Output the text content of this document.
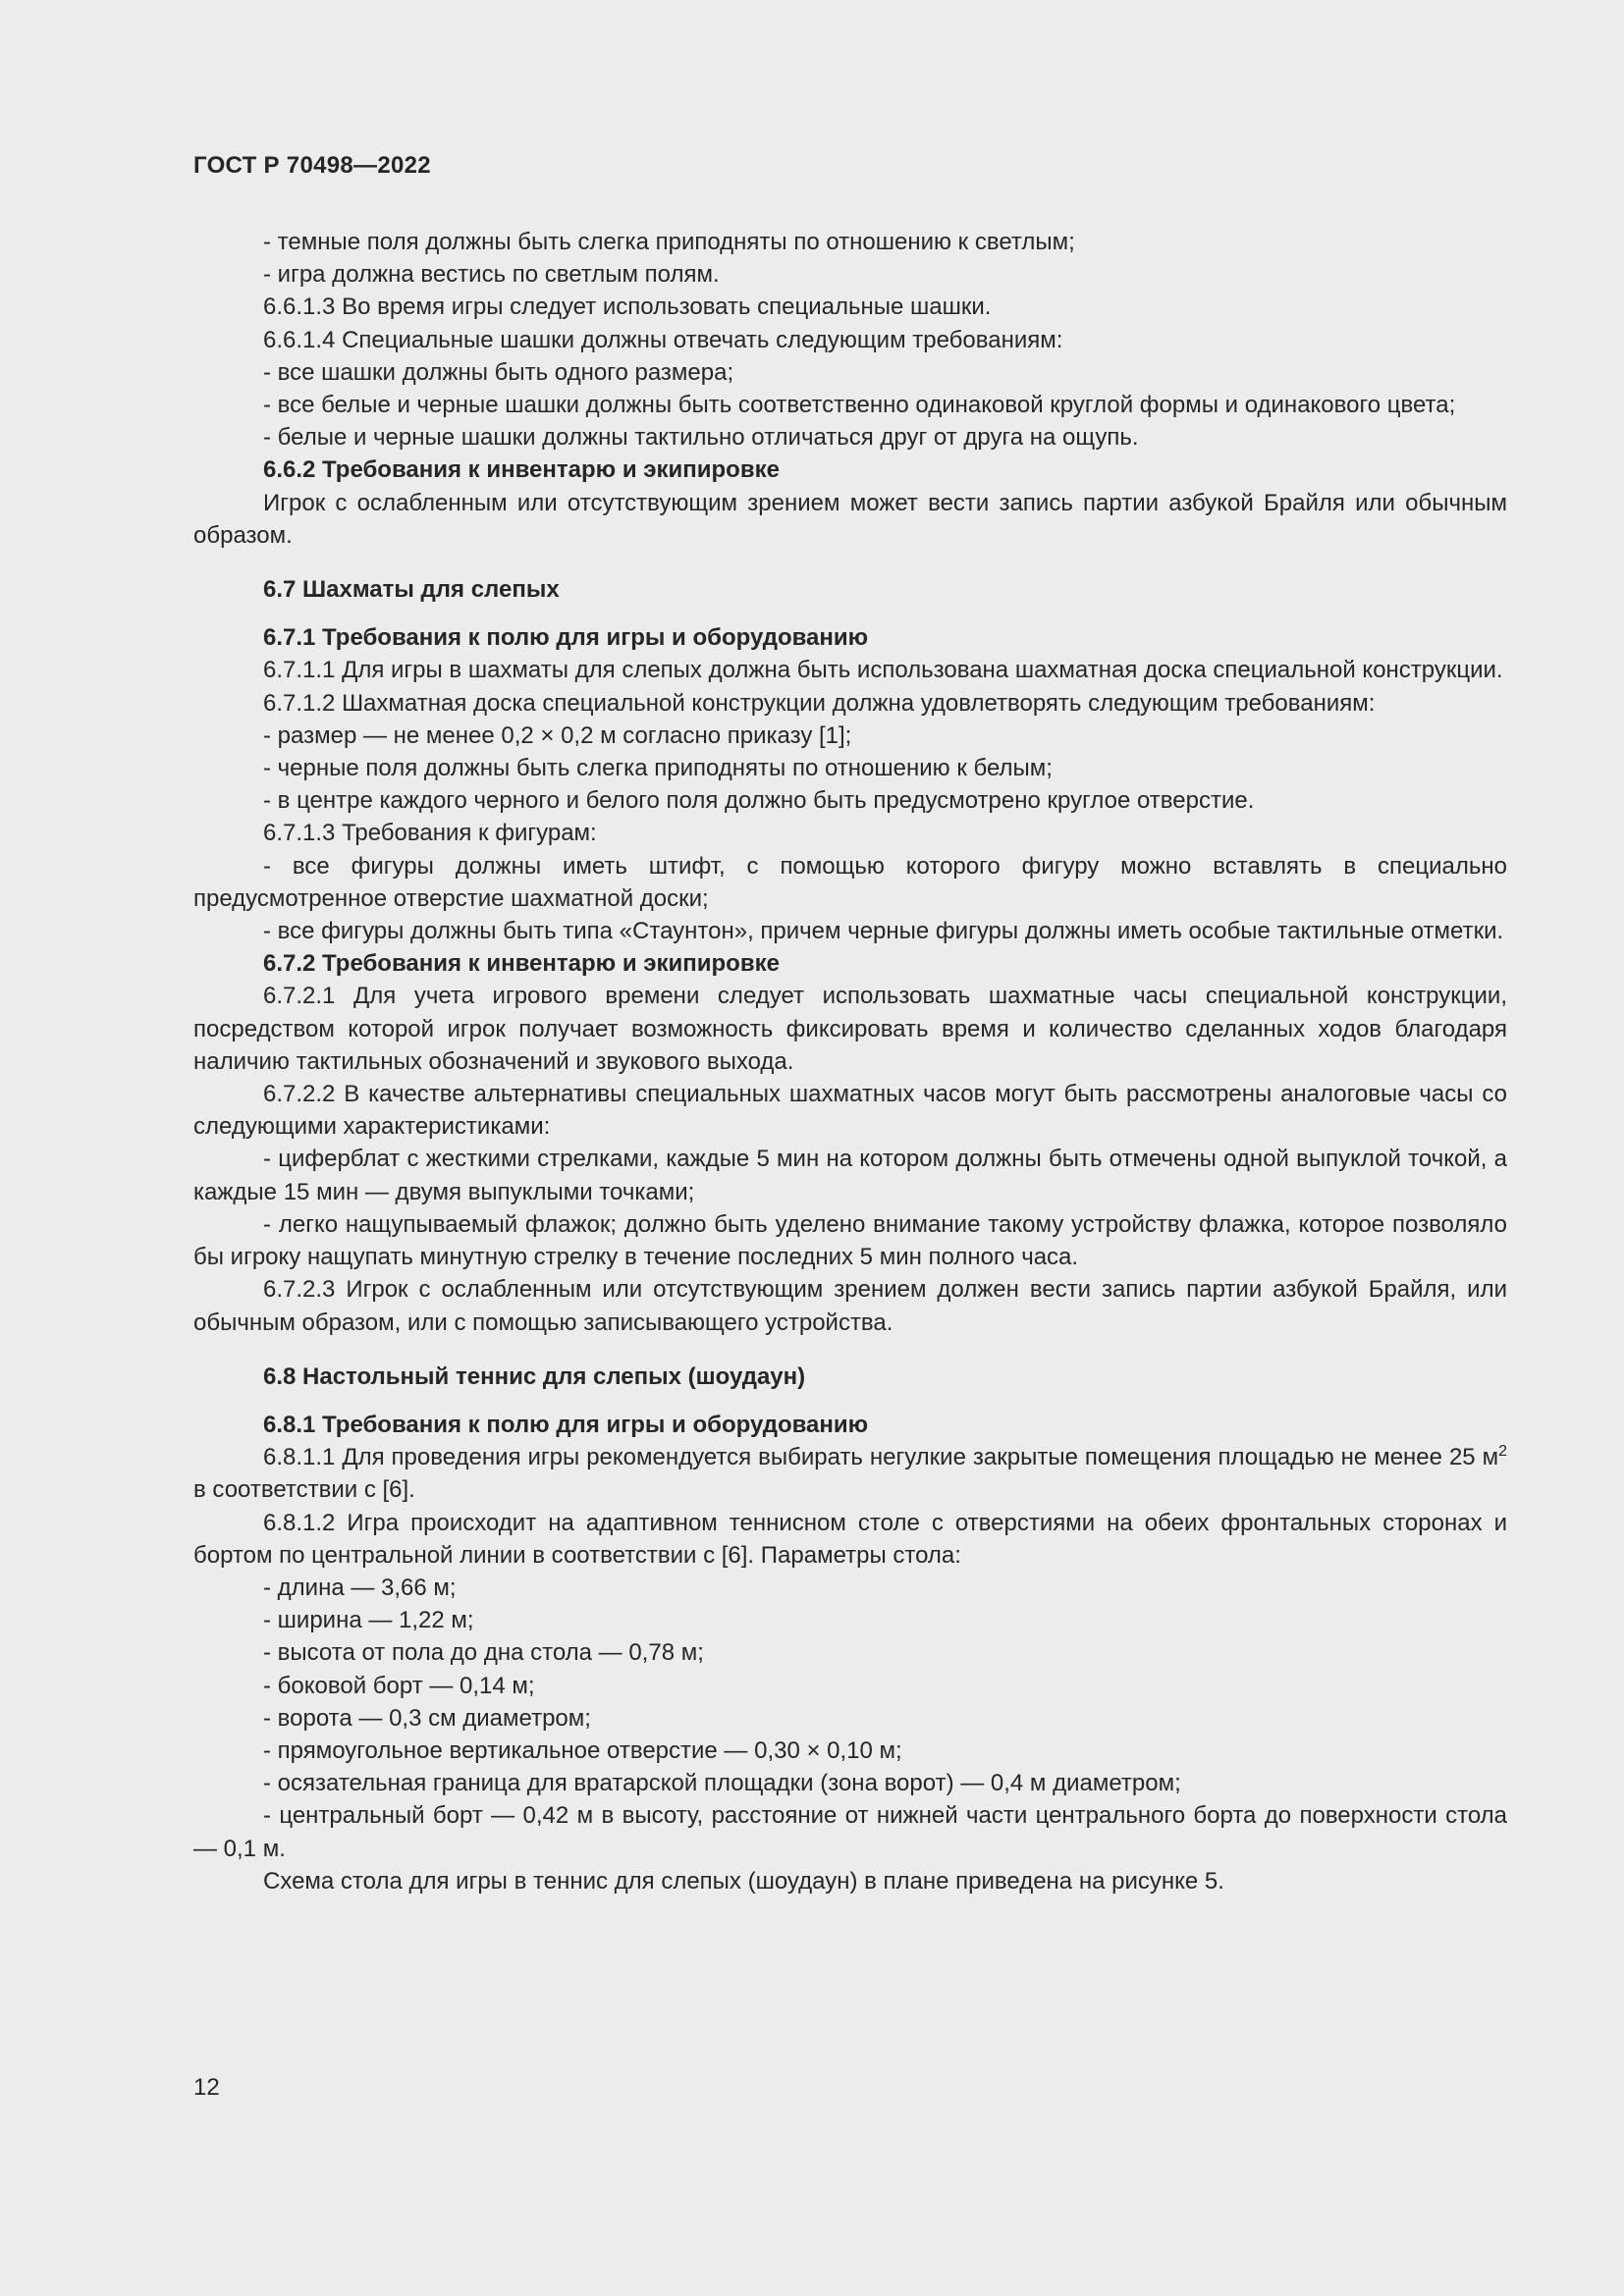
ГОСТ Р 70498—2022

- темные поля должны быть слегка приподняты по отношению к светлым;

- игра должна вестись по светлым полям.

6.6.1.3 Во время игры следует использовать специальные шашки.

6.6.1.4 Специальные шашки должны отвечать следующим требованиям:

- все шашки должны быть одного размера;

- все белые и черные шашки должны быть соответственно одинаковой круглой формы и одинакового цвета;

- белые и черные шашки должны тактильно отличаться друг от друга на ощупь.

6.6.2 Требования к инвентарю и экипировке

Игрок с ослабленным или отсутствующим зрением может вести запись партии азбукой Брайля или обычным образом.

6.7 Шахматы для слепых

6.7.1 Требования к полю для игры и оборудованию

6.7.1.1 Для игры в шахматы для слепых должна быть использована шахматная доска специальной конструкции.

6.7.1.2 Шахматная доска специальной конструкции должна удовлетворять следующим требованиям:

- размер — не менее 0,2 × 0,2 м согласно приказу [1];

- черные поля должны быть слегка приподняты по отношению к белым;

- в центре каждого черного и белого поля должно быть предусмотрено круглое отверстие.

6.7.1.3 Требования к фигурам:

- все фигуры должны иметь штифт, с помощью которого фигуру можно вставлять в специально предусмотренное отверстие шахматной доски;

- все фигуры должны быть типа «Стаунтон», причем черные фигуры должны иметь особые тактильные отметки.

6.7.2 Требования к инвентарю и экипировке

6.7.2.1 Для учета игрового времени следует использовать шахматные часы специальной конструкции, посредством которой игрок получает возможность фиксировать время и количество сделанных ходов благодаря наличию тактильных обозначений и звукового выхода.

6.7.2.2 В качестве альтернативы специальных шахматных часов могут быть рассмотрены аналоговые часы со следующими характеристиками:

- циферблат с жесткими стрелками, каждые 5 мин на котором должны быть отмечены одной выпуклой точкой, а каждые 15 мин — двумя выпуклыми точками;

- легко нащупываемый флажок; должно быть уделено внимание такому устройству флажка, которое позволяло бы игроку нащупать минутную стрелку в течение последних 5 мин полного часа.

6.7.2.3 Игрок с ослабленным или отсутствующим зрением должен вести запись партии азбукой Брайля, или обычным образом, или с помощью записывающего устройства.

6.8 Настольный теннис для слепых (шоудаун)

6.8.1 Требования к полю для игры и оборудованию

6.8.1.1 Для проведения игры рекомендуется выбирать негулкие закрытые помещения площадью не менее 25 $м^2$ в соответствии с [6].

6.8.1.2 Игра происходит на адаптивном теннисном столе с отверстиями на обеих фронтальных сторонах и бортом по центральной линии в соответствии с [6]. Параметры стола:

- длина — 3,66 м;

- ширина — 1,22 м;

- высота от пола до дна стола — 0,78 м;

- боковой борт — 0,14 м;

- ворота — 0,3 см диаметром;

- прямоугольное вертикальное отверстие — 0,30 × 0,10 м;

- осязательная граница для вратарской площадки (зона ворот) — 0,4 м диаметром;

- центральный борт — 0,42 м в высоту, расстояние от нижней части центрального борта до поверхности стола — 0,1 м.

Схема стола для игры в теннис для слепых (шоудаун) в плане приведена на рисунке 5.

12
